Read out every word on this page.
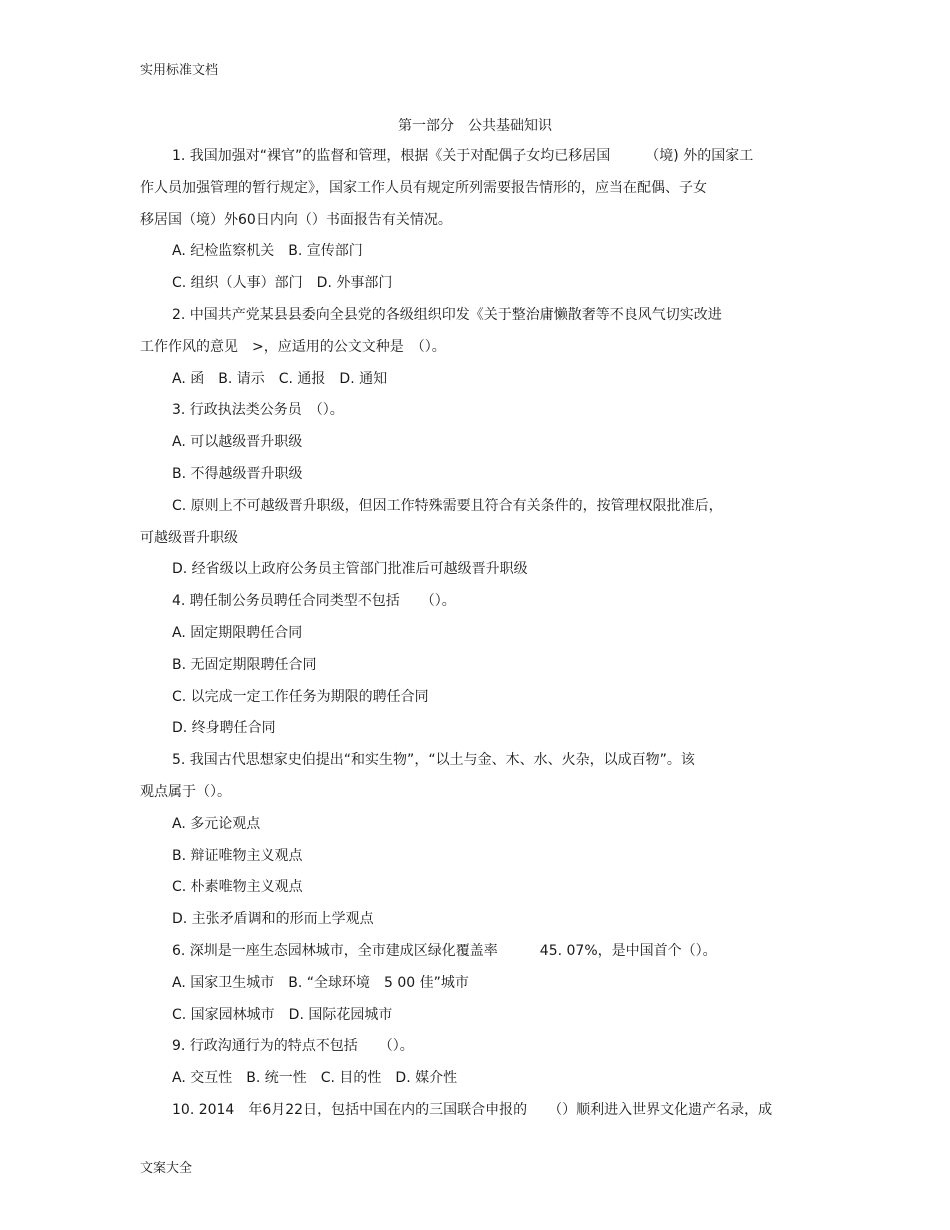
实用标准文档
第一部分　公共基础知识
1. 我国加强对“裸官”的监督和管理，根据《关于对配偶子女均已移居国　　　（境) 外的国家工
作人员加强管理的暂行规定》，国家工作人员有规定所列需要报告情形的，应当在配偶、子女
移居国（境）外60日内向（）书面报告有关情况。
A. 纪检监察机关　B. 宣传部门
C. 组织（人事）部门　D. 外事部门
2. 中国共产党某县县委向全县党的各级组织印发《关于整治庸懒散奢等不良风气切实改进
工作作风的意见　>，应适用的公文文种是　（）。
A. 函　B. 请示　C. 通报　D. 通知
3. 行政执法类公务员　（）。
A. 可以越级晋升职级
B. 不得越级晋升职级
C. 原则上不可越级晋升职级，但因工作特殊需要且符合有关条件的，按管理权限批准后，
可越级晋升职级
D. 经省级以上政府公务员主管部门批准后可越级晋升职级
4. 聘任制公务员聘任合同类型不包括　　（）。
A. 固定期限聘任合同
B. 无固定期限聘任合同
C. 以完成一定工作任务为期限的聘任合同
D. 终身聘任合同
5. 我国古代思想家史伯提出“和实生物”，“以土与金、木、水、火杂，以成百物”。该
观点属于（）。
A. 多元论观点
B. 辩证唯物主义观点
C. 朴素唯物主义观点
D. 主张矛盾调和的形而上学观点
6. 深圳是一座生态园林城市，全市建成区绿化覆盖率　　　45. 07%，是中国首个（）。
A. 国家卫生城市　B. “全球环境　5 00 佳”城市
C. 国家园林城市　D. 国际花园城市
9. 行政沟通行为的特点不包括　　（）。
A. 交互性　B. 统一性　C. 目的性　D. 媒介性
10. 2014　年6月22日，包括中国在内的三国联合申报的　　（）顺利进入世界文化遗产名录，成
文案大全
